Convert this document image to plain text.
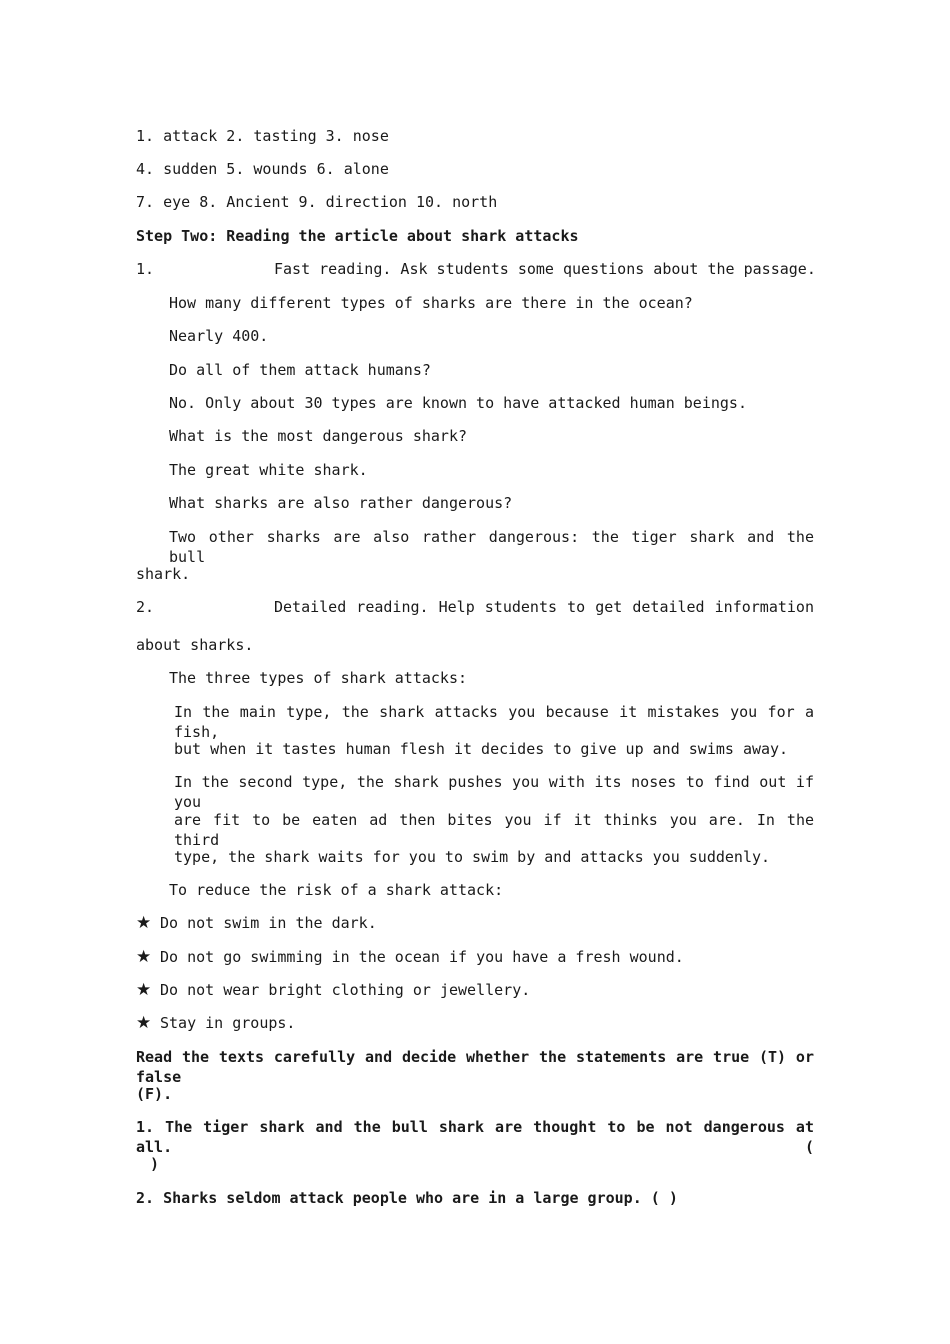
1. attack 2. tasting 3. nose
4. sudden 5. wounds 6. alone
7. eye 8. Ancient 9. direction 10. north
Step Two: Reading the article about shark attacks
1.	Fast reading. Ask students some questions about the passage.
How many different types of sharks are there in the ocean?
Nearly 400.
Do all of them attack humans?
No. Only about 30 types are known to have attacked human beings.
What is the most dangerous shark?
The great white shark.
What sharks are also rather dangerous?
Two other sharks are also rather dangerous: the tiger shark and the bull
shark.
2.	Detailed reading. Help students to get detailed information
about sharks.
The three types of shark attacks:
In the main type, the shark attacks you because it mistakes you for a fish,
but when it tastes human flesh it decides to give up and swims away.
In the second type, the shark pushes you with its noses to find out if you
are fit to be eaten ad then bites you if it thinks you are. In the third
type, the shark waits for you to swim by and attacks you suddenly.
To reduce the risk of a shark attack:
★ Do not swim in the dark.
★ Do not go swimming in the ocean if you have a fresh wound.
★ Do not wear bright clothing or jewellery.
★ Stay in groups.
Read the texts carefully and decide whether the statements are true (T) or false
(F).
1. The tiger shark and the bull shark are thought to be not dangerous at all. (
)
2. Sharks seldom attack people who are in a large group. ( )
